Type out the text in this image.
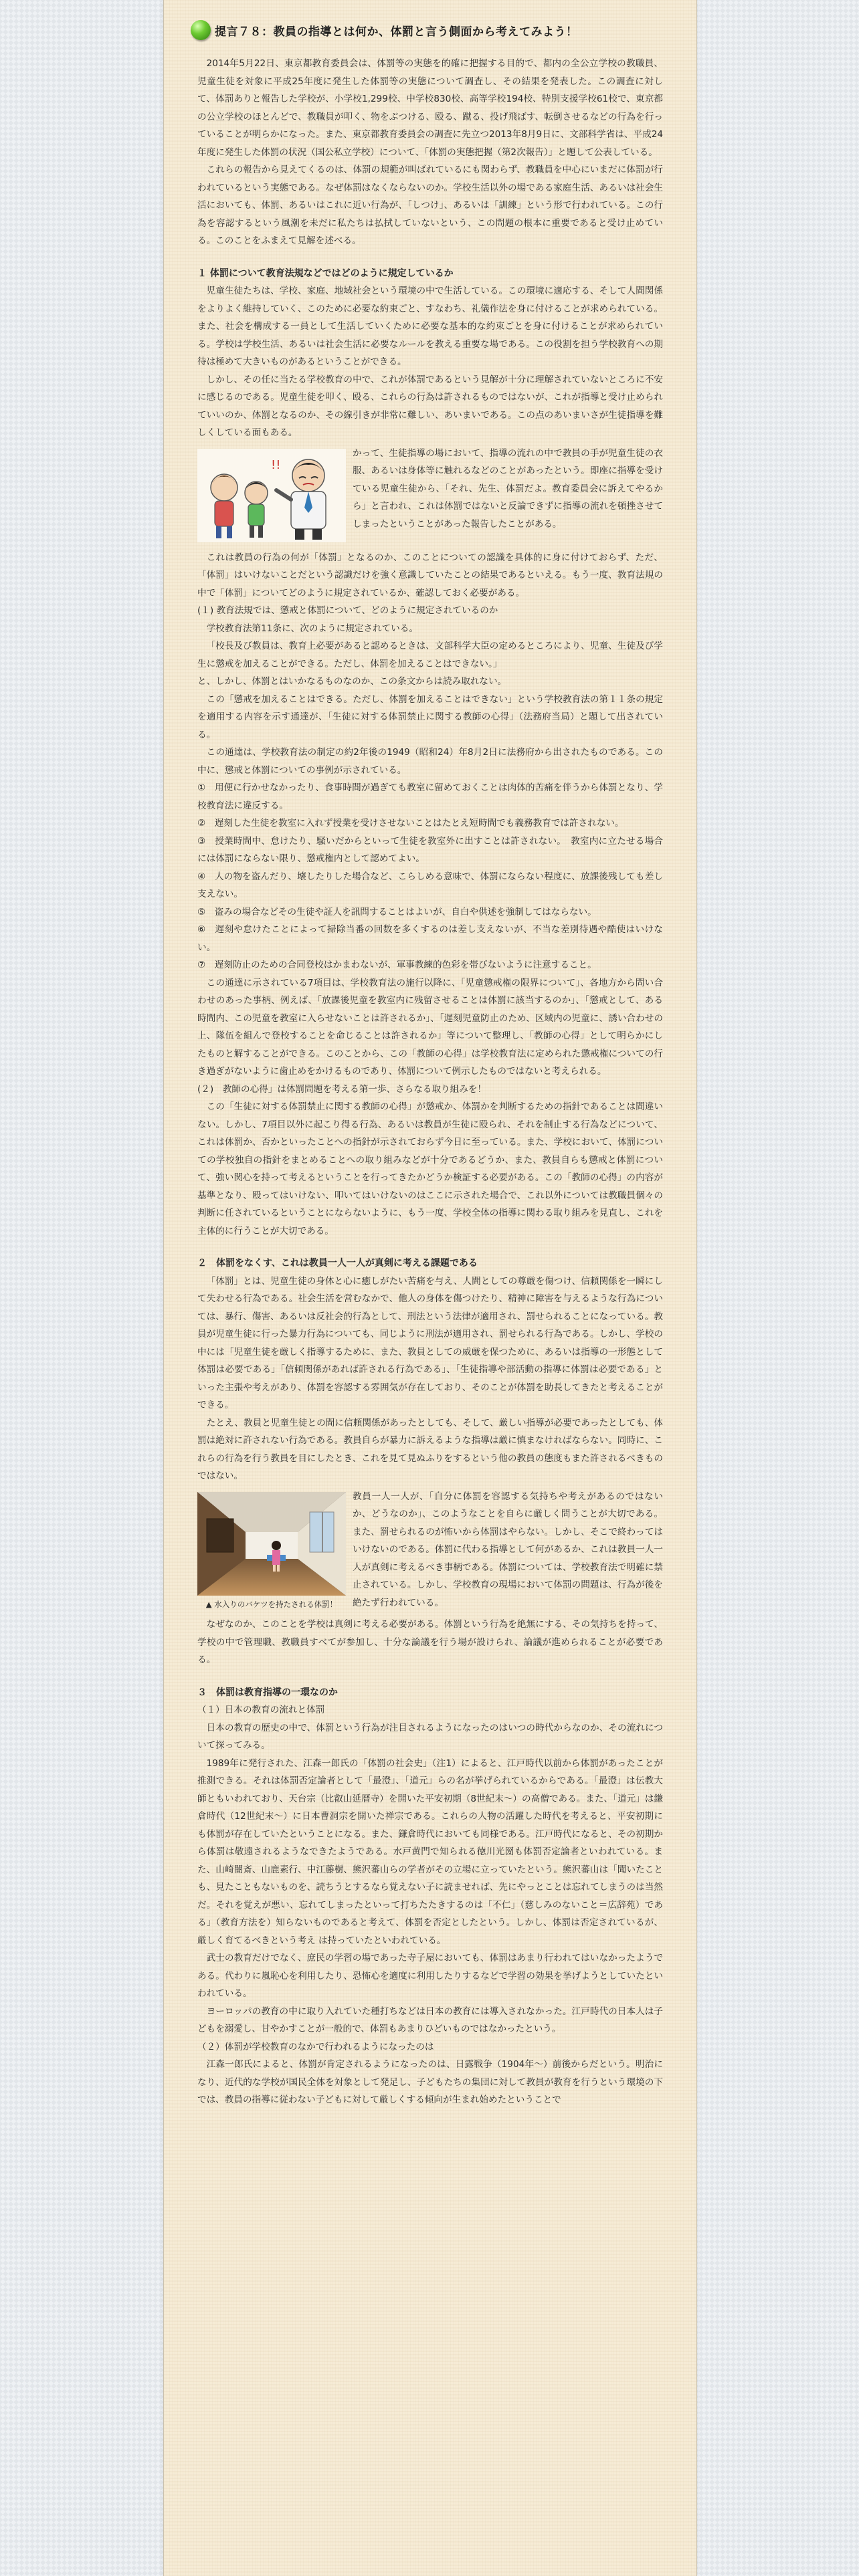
提言７８：教員の指導とは何か、体罰と言う側面から考えてみよう！

2014年5月22日、東京都教育委員会は、体罰等の実態を的確に把握する目的で、都内の全公立学校の教職員、児童生徒を対象に平成25年度に発生した体罰等の実態について調査し、その結果を発表した。この調査に対して、体罰ありと報告した学校が、小学校1,299校、中学校830校、高等学校194校、特別支援学校61校で、東京都の公立学校のほとんどで、教職員が叩く、物をぶつける、殴る、蹴る、投げ飛ばす、転倒させるなどの行為を行っていることが明らかになった。また、東京都教育委員会の調査に先立つ2013年8月9日に、文部科学省は、平成24年度に発生した体罰の状況（国公私立学校）について、「体罰の実態把握（第2次報告）」と題して公表している。

これらの報告から見えてくるのは、体罰の規範が叫ばれているにも関わらず、教職員を中心にいまだに体罰が行われているという実態である。なぜ体罰はなくならないのか。学校生活以外の場である家庭生活、あるいは社会生活においても、体罰、あるいはこれに近い行為が、「しつけ」、あるいは「訓練」という形で行われている。この行為を容認するという風潮を未だに私たちは払拭していないという、この問題の根本に重要であると受け止めている。このことをふまえて見解を述べる。

１ 体罰について教育法規などではどのように規定しているか

児童生徒たちは、学校、家庭、地域社会という環境の中で生活している。この環境に適応する、そして人間関係をよりよく維持していく、このために必要な約束ごと、すなわち、礼儀作法を身に付けることが求められている。また、社会を構成する一員として生活していくために必要な基本的な約束ごとを身に付けることが求められている。学校は学校生活、あるいは社会生活に必要なルールを教える重要な場である。この役割を担う学校教育への期待は極めて大きいものがあるということができる。

しかし、その任に当たる学校教育の中で、これが体罰であるという見解が十分に理解されていないところに不安に感じるのである。児童生徒を叩く、殴る、これらの行為は許されるものではないが、これが指導と受け止められていいのか、体罰となるのか、その線引きが非常に難しい、あいまいである。この点のあいまいさが生徒指導を難しくしている面もある。

!!

かって、生徒指導の場において、指導の流れの中で教員の手が児童生徒の衣服、あるいは身体等に触れるなどのことがあったという。即座に指導を受けている児童生徒から、「それ、先生、体罰だよ。教育委員会に訴えてやるから」と言われ、これは体罰ではないと反論できずに指導の流れを頓挫させてしまったということがあった報告したことがある。

これは教員の行為の何が「体罰」となるのか、このことについての認識を具体的に身に付けておらず、ただ、「体罰」はいけないことだという認識だけを強く意識していたことの結果であるといえる。もう一度、教育法規の中で「体罰」についてどのように規定されているか、確認しておく必要がある。

(１) 教育法規では、懲戒と体罰について、どのように規定されているのか

学校教育法第11条に、次のように規定されている。

「校長及び教員は、教育上必要があると認めるときは、文部科学大臣の定めるところにより、児童、生徒及び学生に懲戒を加えることができる。ただし、体罰を加えることはできない。」

と、しかし、体罰とはいかなるものなのか、この条文からは読み取れない。

この「懲戒を加えることはできる。ただし、体罰を加えることはできない」という学校教育法の第１１条の規定を適用する内容を示す通達が、「生徒に対する体罰禁止に関する教師の心得」（法務府当局）と題して出されている。

この通達は、学校教育法の制定の約2年後の1949（昭和24）年8月2日に法務府から出されたものである。この中に、懲戒と体罰についての事例が示されている。

①　用便に行かせなかったり、食事時間が過ぎても教室に留めておくことは肉体的苦痛を伴うから体罰となり、学校教育法に違反する。

②　遅刻した生徒を教室に入れず授業を受けさせないことはたとえ短時間でも義務教育では許されない。

③　授業時間中、怠けたり、騒いだからといって生徒を教室外に出すことは許されない。　教室内に立たせる場合には体罰にならない限り、懲戒権内として認めてよい。

④　人の物を盗んだり、壊したりした場合など、こらしめる意味で、体罰にならない程度に、放課後残しても差し支えない。

⑤　盗みの場合などその生徒や証人を訊問することはよいが、自白や供述を強制してはならない。

⑥　遅刻や怠けたことによって掃除当番の回数を多くするのは差し支えないが、不当な差別待遇や酷使はいけない。

⑦　遅刻防止のための合同登校はかまわないが、軍事教練的色彩を帯びないように注意すること。

この通達に示されている7項目は、学校教育法の施行以降に、「児童懲戒権の限界について」、各地方から問い合わせのあった事柄、例えば、「放課後児童を教室内に残留させることは体罰に該当するのか」、「懲戒として、ある時間内、この児童を教室に入らせないことは許されるか」、「遅刻児童防止のため、区域内の児童に、誘い合わせの上、隊伍を組んで登校することを命じることは許されるか」等について整理し、「教師の心得」として明らかにしたものと解することができる。このことから、この「教師の心得」は学校教育法に定められた懲戒権についての行き過ぎがないように歯止めをかけるものであり、体罰について例示したものではないと考えられる。

(２)　教師の心得」は体罰問題を考える第一歩、さらなる取り組みを！

この「生徒に対する体罰禁止に関する教師の心得」が懲戒か、体罰かを判断するための指針であることは間違いない。しかし、7項目以外に起こり得る行為、あるいは教員が生徒に殴られ、それを制止する行為などについて、これは体罰か、否かといったことへの指針が示されておらず今日に至っている。また、学校において、体罰についての学校独自の指針をまとめることへの取り組みなどが十分であるどうか、また、教員自らも懲戒と体罰について、強い関心を持って考えるということを行ってきたかどうか検証する必要がある。この「教師の心得」の内容が基準となり、殴ってはいけない、叩いてはいけないのはここに示された場合で、これ以外については教職員個々の判断に任されているということにならないように、もう一度、学校全体の指導に関わる取り組みを見直し、これを主体的に行うことが大切である。

２　体罰をなくす、これは教員一人一人が真剣に考える課題である

「体罰」とは、児童生徒の身体と心に癒しがたい苦痛を与え、人間としての尊厳を傷つけ、信頼関係を一瞬にして失わせる行為である。社会生活を営むなかで、他人の身体を傷つけたり、精神に障害を与えるような行為については、暴行、傷害、あるいは反社会的行為として、刑法という法律が適用され、罰せられることになっている。教員が児童生徒に行った暴力行為についても、同じように刑法が適用され、罰せられる行為である。しかし、学校の中には「児童生徒を厳しく指導するために、また、教員としての威厳を保つために、あるいは指導の一形態として体罰は必要である」「信頼関係があれば許される行為である」、「生徒指導や部活動の指導に体罰は必要である」といった主張や考えがあり、体罰を容認する雰囲気が存在しており、そのことが体罰を助長してきたと考えることができる。

たとえ、教員と児童生徒との間に信頼関係があったとしても、そして、厳しい指導が必要であったとしても、体罰は絶対に許されない行為である。教員自らが暴力に訴えるような指導は厳に慎まなければならない。同時に、これらの行為を行う教員を目にしたとき、これを見て見ぬふりをするという他の教員の態度もまた許されるべきものではない。

▲ 水入りのバケツを持たされる体罰！

教員一人一人が、「自分に体罰を容認する気持ちや考えがあるのではないか、どうなのか」、このようなことを自らに厳しく問うことが大切である。また、罰せられるのが怖いから体罰はやらない。しかし、そこで終わってはいけないのである。体罰に代わる指導として何があるか、これは教員一人一人が真剣に考えるべき事柄である。体罰については、学校教育法で明確に禁止されている。しかし、学校教育の現場において体罰の問題は、行為が後を絶たず行われている。

なぜなのか、このことを学校は真剣に考える必要がある。体罰という行為を絶無にする、その気持ちを持って、学校の中で管理職、教職員すべてが参加し、十分な論議を行う場が設けられ、論議が進められることが必要である。

３　体罰は教育指導の一環なのか

（１）日本の教育の流れと体罰

日本の教育の歴史の中で、体罰という行為が注目されるようになったのはいつの時代からなのか、その流れについて探ってみる。

1989年に発行された、江森一郎氏の「体罰の社会史」（注1）によると、江戸時代以前から体罰があったことが推測できる。それは体罰否定論者として「最澄」、「道元」らの名が挙げられているからである。「最澄」は伝教大師ともいわれており、天台宗（比叡山延暦寺）を開いた平安初期（8世紀末〜）の高僧である。また、「道元」は鎌倉時代（12世紀末〜）に日本曹洞宗を開いた禅宗である。これらの人物の活躍した時代を考えると、平安初期にも体罰が存在していたということになる。また、鎌倉時代においても同様である。江戸時代になると、その初期から体罰は敬遠されるようなできたようである。水戸黄門で知られる徳川光圀も体罰否定論者といわれている。また、山崎闇斎、山鹿素行、中江藤樹、熊沢蕃山らの学者がその立場に立っていたという。熊沢蕃山は「聞いたことも、見たこともないものを、読ちうとするなら覚えない子に読ませれば、先にやっとことは忘れてしまうのは当然だ。それを覚えが悪い、忘れてしまったといって打ちたたきするのは「不仁」（慈しみのないこと＝広辞苑）である」（教育方法を）知らないものであると考えて、体罰を否定としたという。しかし、体罰は否定されているが、厳しく育てるべきという考え は持っていたといわれている。

武士の教育だけでなく、庶民の学習の場であった寺子屋においても、体罰はあまり行われてはいなかったようである。代わりに嵐恥心を利用したり、恐怖心を適度に利用したりするなどで学習の効果を挙げようとしていたといわれている。

ヨーロッパの教育の中に取り入れていた種打ちなどは日本の教育には導入されなかった。江戸時代の日本人は子どもを溺愛し、甘やかすことが一般的で、体罰もあまりひどいものではなかったという。

（２）体罰が学校教育のなかで行われるようになったのは

江森一郎氏によると、体罰が肯定されるようになったのは、日露戦争（1904年〜）前後からだという。明治になり、近代的な学校が国民全体を対象として発足し、子どもたちの集団に対して教員が教育を行うという環境の下では、教員の指導に従わない子どもに対して厳しくする傾向が生まれ始めたということで
